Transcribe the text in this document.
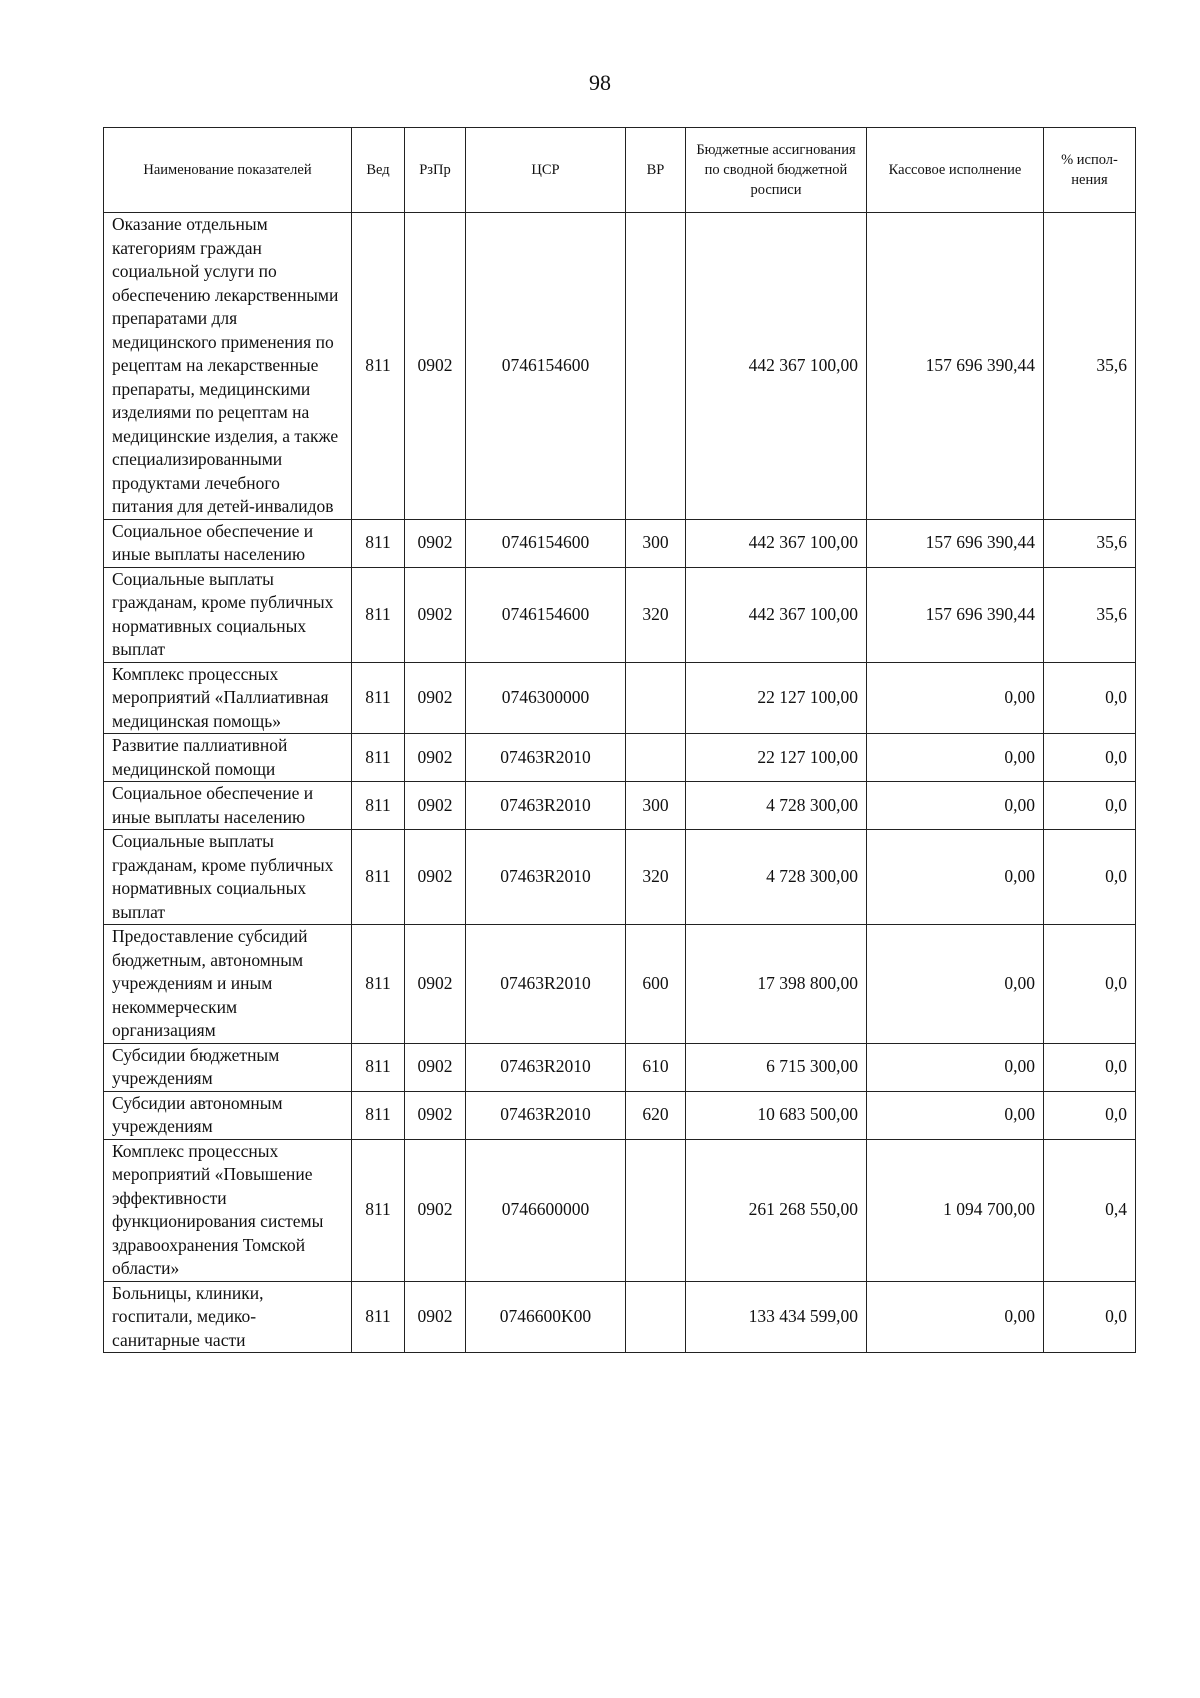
98
Наименование показателей	Вед	РзПр	ЦСР	ВР	Бюджетные ассигнования по сводной бюджетной росписи	Кассовое исполнение	% испол-нения
Оказание отдельным категориям граждан социальной услуги по обеспечению лекарственными препаратами для медицинского применения по рецептам на лекарственные препараты, медицинскими изделиями по рецептам на медицинские изделия, а также специализированными продуктами лечебного питания для детей-инвалидов	811	0902	0746154600		442 367 100,00	157 696 390,44	35,6
Социальное обеспечение и иные выплаты населению	811	0902	0746154600	300	442 367 100,00	157 696 390,44	35,6
Социальные выплаты гражданам, кроме публичных нормативных социальных выплат	811	0902	0746154600	320	442 367 100,00	157 696 390,44	35,6
Комплекс процессных мероприятий «Паллиативная медицинская помощь»	811	0902	0746300000		22 127 100,00	0,00	0,0
Развитие паллиативной медицинской помощи	811	0902	07463R2010		22 127 100,00	0,00	0,0
Социальное обеспечение и иные выплаты населению	811	0902	07463R2010	300	4 728 300,00	0,00	0,0
Социальные выплаты гражданам, кроме публичных нормативных социальных выплат	811	0902	07463R2010	320	4 728 300,00	0,00	0,0
Предоставление субсидий бюджетным, автономным учреждениям и иным некоммерческим организациям	811	0902	07463R2010	600	17 398 800,00	0,00	0,0
Субсидии бюджетным учреждениям	811	0902	07463R2010	610	6 715 300,00	0,00	0,0
Субсидии автономным учреждениям	811	0902	07463R2010	620	10 683 500,00	0,00	0,0
Комплекс процессных мероприятий «Повышение эффективности функционирования системы здравоохранения Томской области»	811	0902	0746600000		261 268 550,00	1 094 700,00	0,4
Больницы, клиники, госпитали, медико-санитарные части	811	0902	0746600K00		133 434 599,00	0,00	0,0
